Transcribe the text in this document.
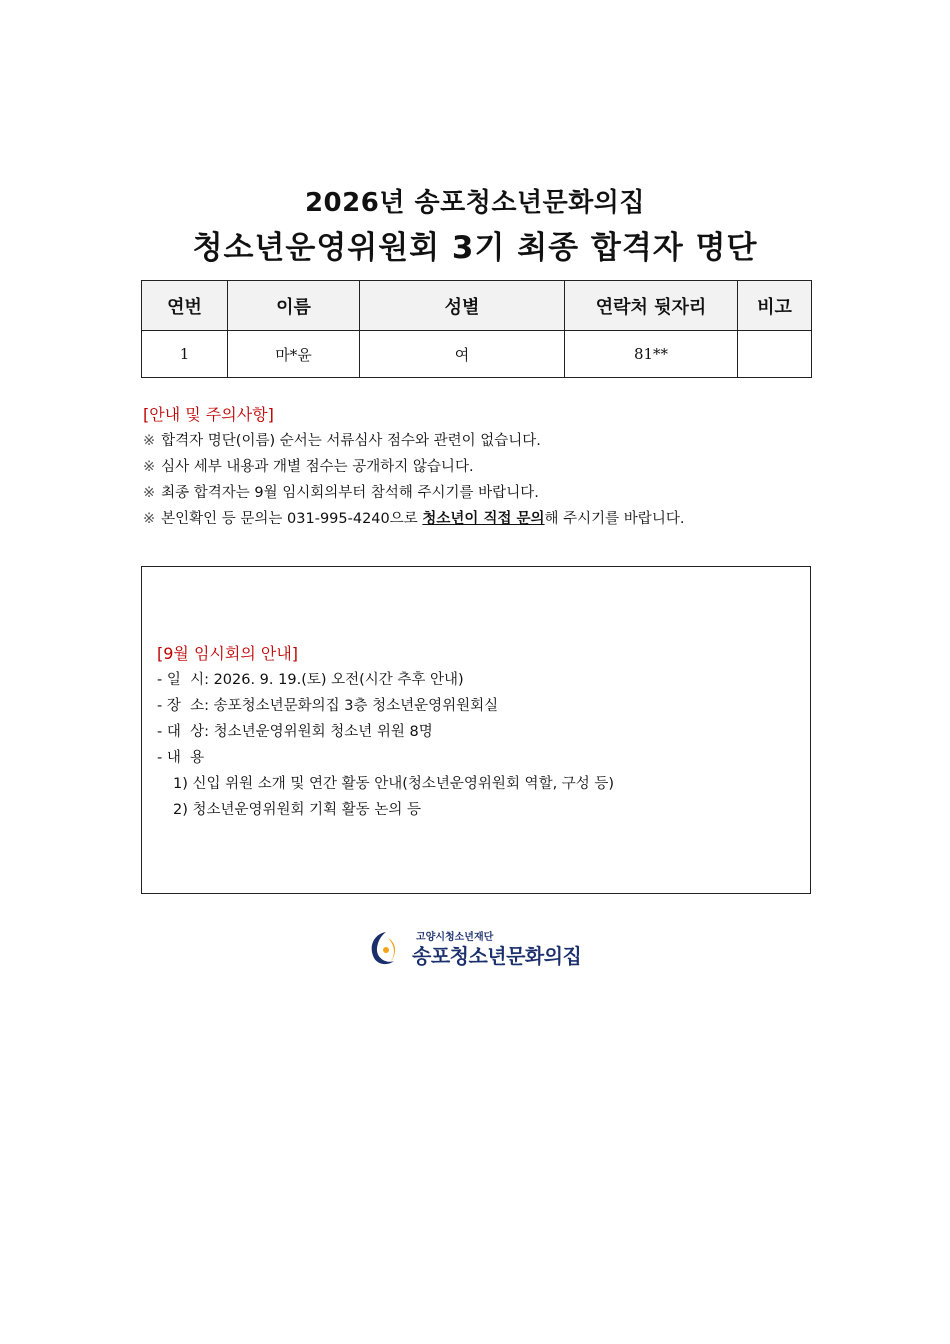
2026년 송포청소년문화의집
청소년운영위원회 3기 최종 합격자 명단
연번	이름	성별	연락처 뒷자리	비고
1	마*윤	여	81**	
[안내 및 주의사항]
※ 합격자 명단(이름) 순서는 서류심사 점수와 관련이 없습니다.
※ 심사 세부 내용과 개별 점수는 공개하지 않습니다.
※ 최종 합격자는 9월 임시회의부터 참석해 주시기를 바랍니다.
※ 본인확인 등 문의는 031-995-4240으로 청소년이 직접 문의해 주시기를 바랍니다.
[9월 임시회의 안내]
- 일  시: 2026. 9. 19.(토) 오전(시간 추후 안내)
- 장  소: 송포청소년문화의집 3층 청소년운영위원회실
- 대  상: 청소년운영위원회 청소년 위원 8명
- 내  용
1) 신입 위원 소개 및 연간 활동 안내(청소년운영위원회 역할, 구성 등)
2) 청소년운영위원회 기획 활동 논의 등
고양시청소년재단
송포청소년문화의집
